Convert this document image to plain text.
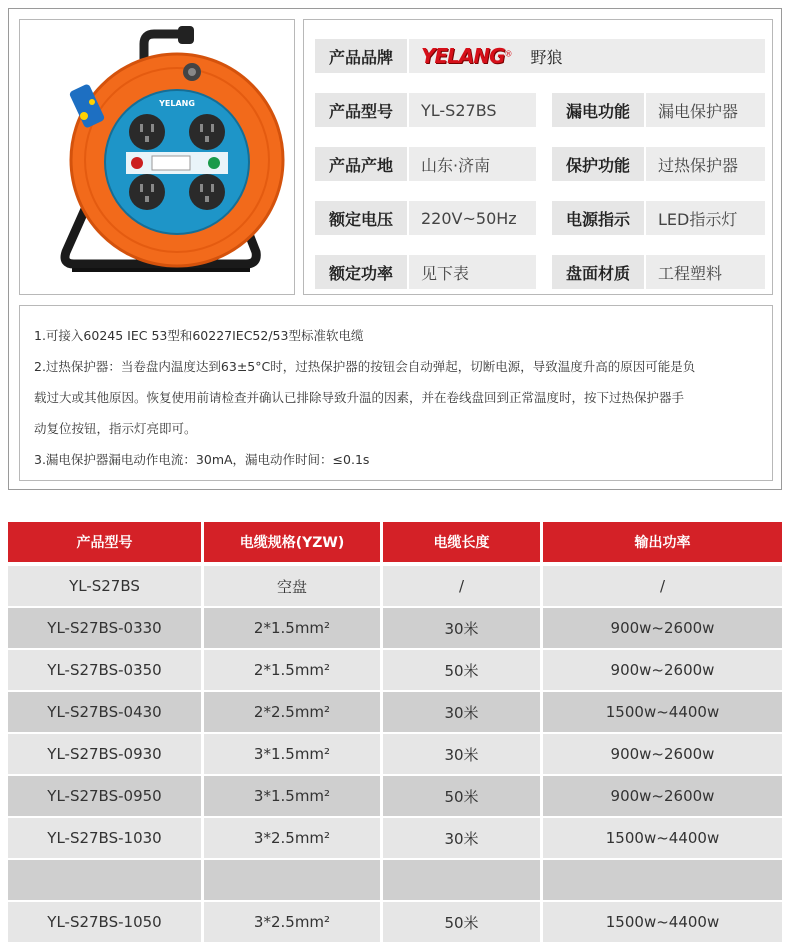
YELANG
产品品牌	YELANG® 野狼
产品型号	YL-S27BS	漏电功能	漏电保护器
产品产地	山东·济南	保护功能	过热保护器
额定电压	220V~50Hz	电源指示	LED指示灯
额定功率	见下表	盘面材质	工程塑料
1.可接入60245 IEC 53型和60227IEC52/53型标准软电缆
2.过热保护器：当卷盘内温度达到63±5°C时，过热保护器的按钮会自动弹起，切断电源，导致温度升高的原因可能是负
载过大或其他原因。恢复使用前请检查并确认已排除导致升温的因素，并在卷线盘回到正常温度时，按下过热保护器手
动复位按钮，指示灯亮即可。
3.漏电保护器漏电动作电流：30mA，漏电动作时间：≤0.1s
产品型号	电缆规格(YZW)	电缆长度	输出功率
YL-S27BS	空盘	/	/
YL-S27BS-0330	2*1.5mm²	30米	900w~2600w
YL-S27BS-0350	2*1.5mm²	50米	900w~2600w
YL-S27BS-0430	2*2.5mm²	30米	1500w~4400w
YL-S27BS-0930	3*1.5mm²	30米	900w~2600w
YL-S27BS-0950	3*1.5mm²	50米	900w~2600w
YL-S27BS-1030	3*2.5mm²	30米	1500w~4400w
YL-S27BS-1050	3*2.5mm²	50米	1500w~4400w
